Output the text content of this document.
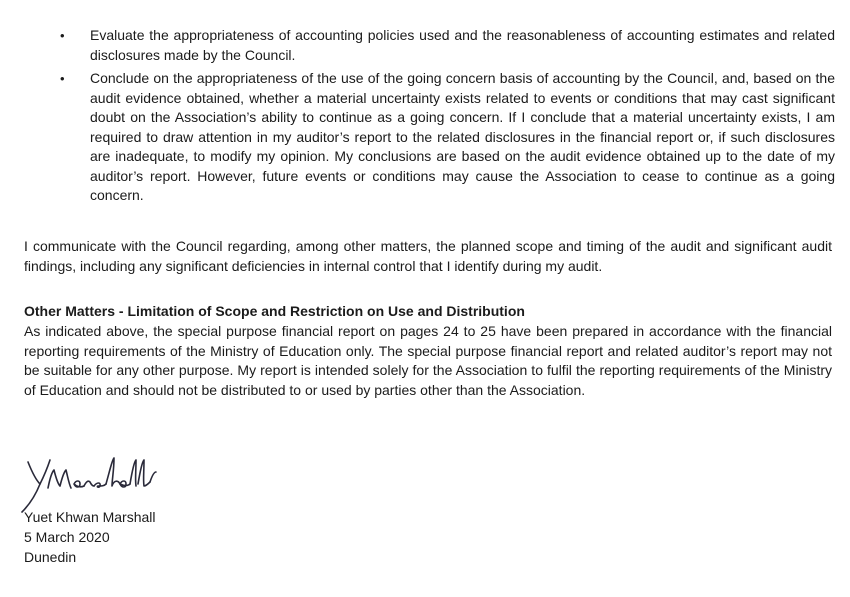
• Evaluate the appropriateness of accounting policies used and the reasonableness of accounting estimates and related disclosures made by the Council.
• Conclude on the appropriateness of the use of the going concern basis of accounting by the Council, and, based on the audit evidence obtained, whether a material uncertainty exists related to events or conditions that may cast significant doubt on the Association’s ability to continue as a going concern. If I conclude that a material uncertainty exists, I am required to draw attention in my auditor’s report to the related disclosures in the financial report or, if such disclosures are inadequate, to modify my opinion. My conclusions are based on the audit evidence obtained up to the date of my auditor’s report. However, future events or conditions may cause the Association to cease to continue as a going concern.

I communicate with the Council regarding, among other matters, the planned scope and timing of the audit and significant audit findings, including any significant deficiencies in internal control that I identify during my audit.

Other Matters - Limitation of Scope and Restriction on Use and Distribution

As indicated above, the special purpose financial report on pages 24 to 25 have been prepared in accordance with the financial reporting requirements of the Ministry of Education only. The special purpose financial report and related auditor’s report may not be suitable for any other purpose. My report is intended solely for the Association to fulfil the reporting requirements of the Ministry of Education and should not be distributed to or used by parties other than the Association.

Yuet Khwan Marshall
5 March 2020
Dunedin
